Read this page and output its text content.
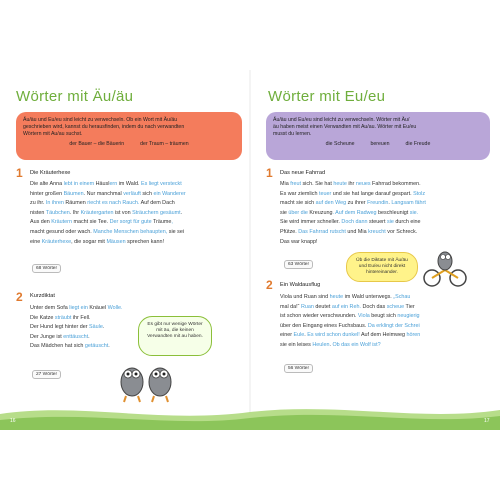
Wörter mit Äu/äu
Äu/äu und Eu/eu sind leicht zu verwechseln. Ob ein Wort mit Äu/äu
geschrieben wird, kannst du herausfinden, indem du nach verwandten
Wörtern mit Au/au suchst.
der Bauer – die Bäuerin	der Traum – träumen
1 Die Kräuterhexe
Die alte Anna lebt in einem Häuslern im Wald. Es liegt versteckt
hinter großen Bäumen. Nur manchmal verläuft sich ein Wanderer
zu ihr. In ihren Räumen riecht es nach Rauch. Auf dem Dach
nisten Täubchen. Ihr Kräutergarten ist von Sträuchern gesäumt.
Aus den Kräutern macht sie Tee. Der sorgt für gute Träume,
macht gesund oder wach. Manche Menschen behaupten, sie sei
eine Kräuterhexe, die sogar mit Mäusen sprechen kann!
68 Wörter
2 Kurzdiktat
Unter dem Sofa liegt ein Knäuel Wolle.
Die Katze sträubt ihr Fell.
Der Hund legt hinter der Säule.
Der Junge ist enttäuscht.
Das Mädchen hat sich getäuscht.
27 Wörter
Es gibt nur wenige Wörter mit äu, die keinen Verwandten mit au haben.
Wörter mit Eu/eu
Äu/äu und Eu/eu sind leicht zu verwechseln. Wörter mit Äu/
äu haben meist einen Verwandten mit Au/au. Wörter mit Eu/eu
musst du lernen.
die Scheune	bereuen	die Freude
1 Das neue Fahrrad
Mia freut sich. Sie hat heute ihr neues Fahrrad bekommen.
Es war ziemlich teuer und sie hat lange darauf gespart. Stolz
macht sie sich auf den Weg zu ihrer Freundin. Langsam fährt
sie über die Kreuzung. Auf dem Radweg beschleunigt sie.
Sie wird immer schneller. Doch dann steuert sie durch eine
Pfütze. Das Fahrrad rutscht und Mia kreucht vor Schreck.
Das war knapp!
63 Wörter
Üb die Diktate mit Äu/äu und Eu/eu nicht direkt hintereinander.
2 Ein Waldausflug
Viola und Ruan sind heute im Wald unterwegs. „Schau
mal da!“ Ruan deutet auf ein Reh. Doch das scheue Tier
ist schon wieder verschwunden. Viola beugt sich neugierig
über den Eingang eines Fuchsbaus. Da erklingt der Schrei
einer Eule. Es wird schon dunkel! Auf dem Heimweg hören
sie ein leises Heulen. Ob das ein Wolf ist?
56 Wörter
16	17
